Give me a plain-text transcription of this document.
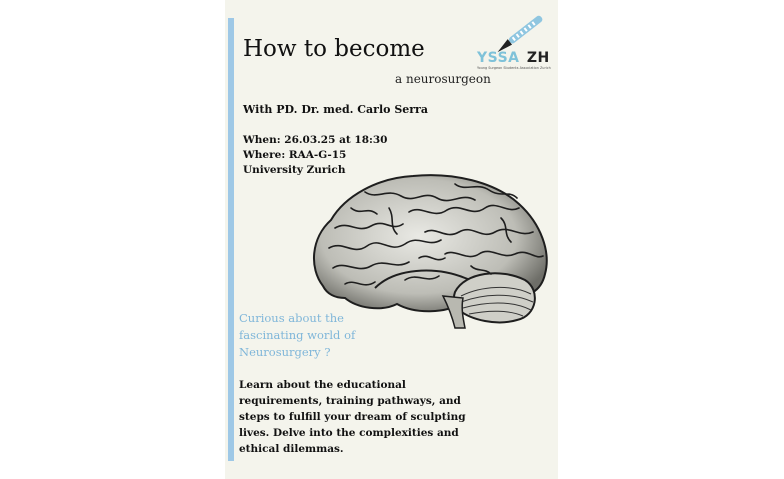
How to become
a neurosurgeon
With PD. Dr. med. Carlo Serra
When: 26.03.25 at 18:30
Where: RAA-G-15
University Zurich
YSSA ZH
Young Surgeon Students Association Zurich
Curious about the
fascinating world of
Neurosurgery ?
Learn about the educational
requirements, training pathways, and
steps to fulfill your dream of sculpting
lives. Delve into the complexities and
ethical dilemmas.
